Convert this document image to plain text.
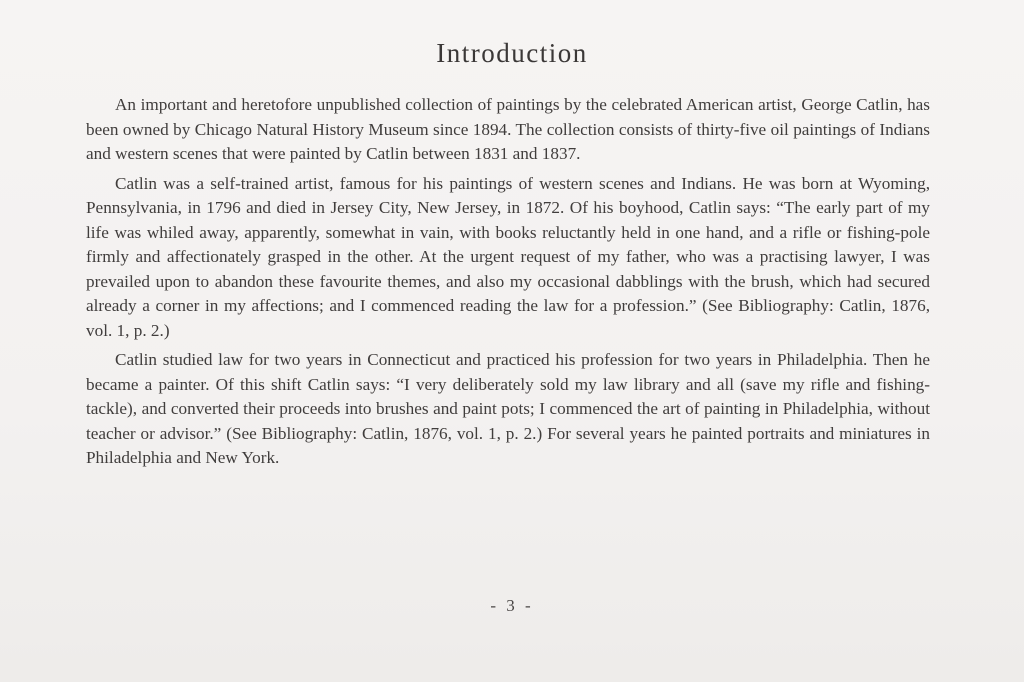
Introduction

An important and heretofore unpublished collection of paintings by the celebrated American artist, George Catlin, has been owned by Chicago Natural History Museum since 1894. The collection consists of thirty-five oil paintings of Indians and western scenes that were painted by Catlin between 1831 and 1837.

Catlin was a self-trained artist, famous for his paintings of western scenes and Indians. He was born at Wyoming, Pennsylvania, in 1796 and died in Jersey City, New Jersey, in 1872. Of his boyhood, Catlin says: “The early part of my life was whiled away, apparently, somewhat in vain, with books reluctantly held in one hand, and a rifle or fishing-pole firmly and affectionately grasped in the other. At the urgent request of my father, who was a practising lawyer, I was prevailed upon to abandon these favourite themes, and also my occasional dabblings with the brush, which had secured already a corner in my affections; and I commenced reading the law for a profession.” (See Bibliography: Catlin, 1876, vol. 1, p. 2.)

Catlin studied law for two years in Connecticut and practiced his profession for two years in Philadelphia. Then he became a painter. Of this shift Catlin says: “I very deliberately sold my law library and all (save my rifle and fishing-tackle), and converted their proceeds into brushes and paint pots; I commenced the art of painting in Philadelphia, without teacher or advisor.” (See Bibliography: Catlin, 1876, vol. 1, p. 2.) For several years he painted portraits and miniatures in Philadelphia and New York.

- 3 -
